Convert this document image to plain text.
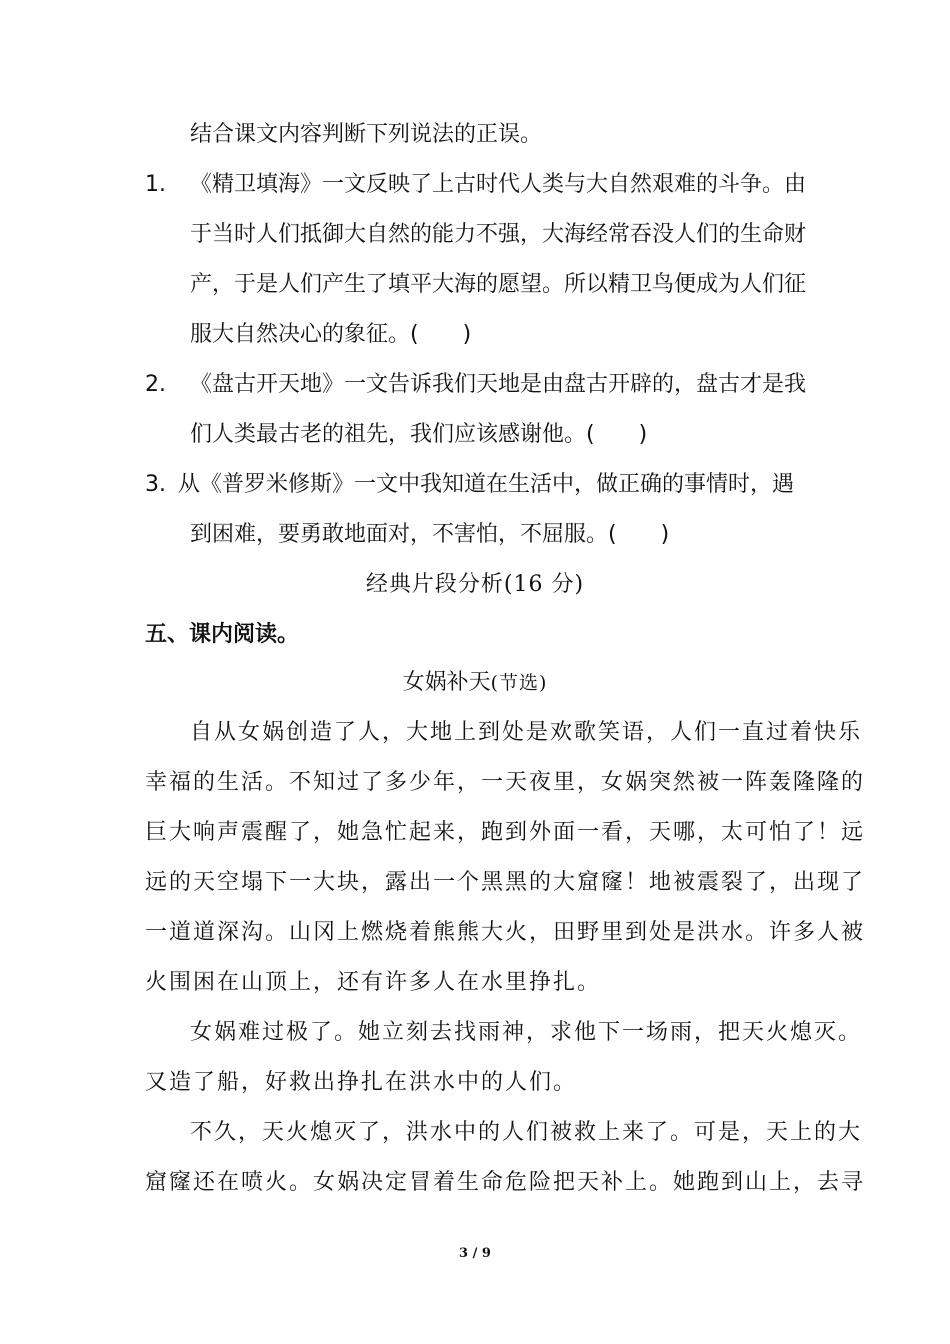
结合课文内容判断下列说法的正误。
1. 《精卫填海》一文反映了上古时代人类与大自然艰难的斗争。由
于当时人们抵御大自然的能力不强，大海经常吞没人们的生命财
产，于是人们产生了填平大海的愿望。所以精卫鸟便成为人们征
服大自然决心的象征。(　　)
2. 《盘古开天地》一文告诉我们天地是由盘古开辟的，盘古才是我
们人类最古老的祖先，我们应该感谢他。(　　)
3. 从《普罗米修斯》一文中我知道在生活中，做正确的事情时，遇
到困难，要勇敢地面对，不害怕，不屈服。(　　)
经典片段分析(16 分)
五、课内阅读。
女娲补天(节选)
自从女娲创造了人，大地上到处是欢歌笑语，人们一直过着快乐
幸福的生活。不知过了多少年，一天夜里，女娲突然被一阵轰隆隆的
巨大响声震醒了，她急忙起来，跑到外面一看，天哪，太可怕了！远
远的天空塌下一大块，露出一个黑黑的大窟窿！地被震裂了，出现了
一道道深沟。山冈上燃烧着熊熊大火，田野里到处是洪水。许多人被
火围困在山顶上，还有许多人在水里挣扎。
女娲难过极了。她立刻去找雨神，求他下一场雨，把天火熄灭。
又造了船，好救出挣扎在洪水中的人们。
不久，天火熄灭了，洪水中的人们被救上来了。可是，天上的大
窟窿还在喷火。女娲决定冒着生命危险把天补上。她跑到山上，去寻
3 / 9
